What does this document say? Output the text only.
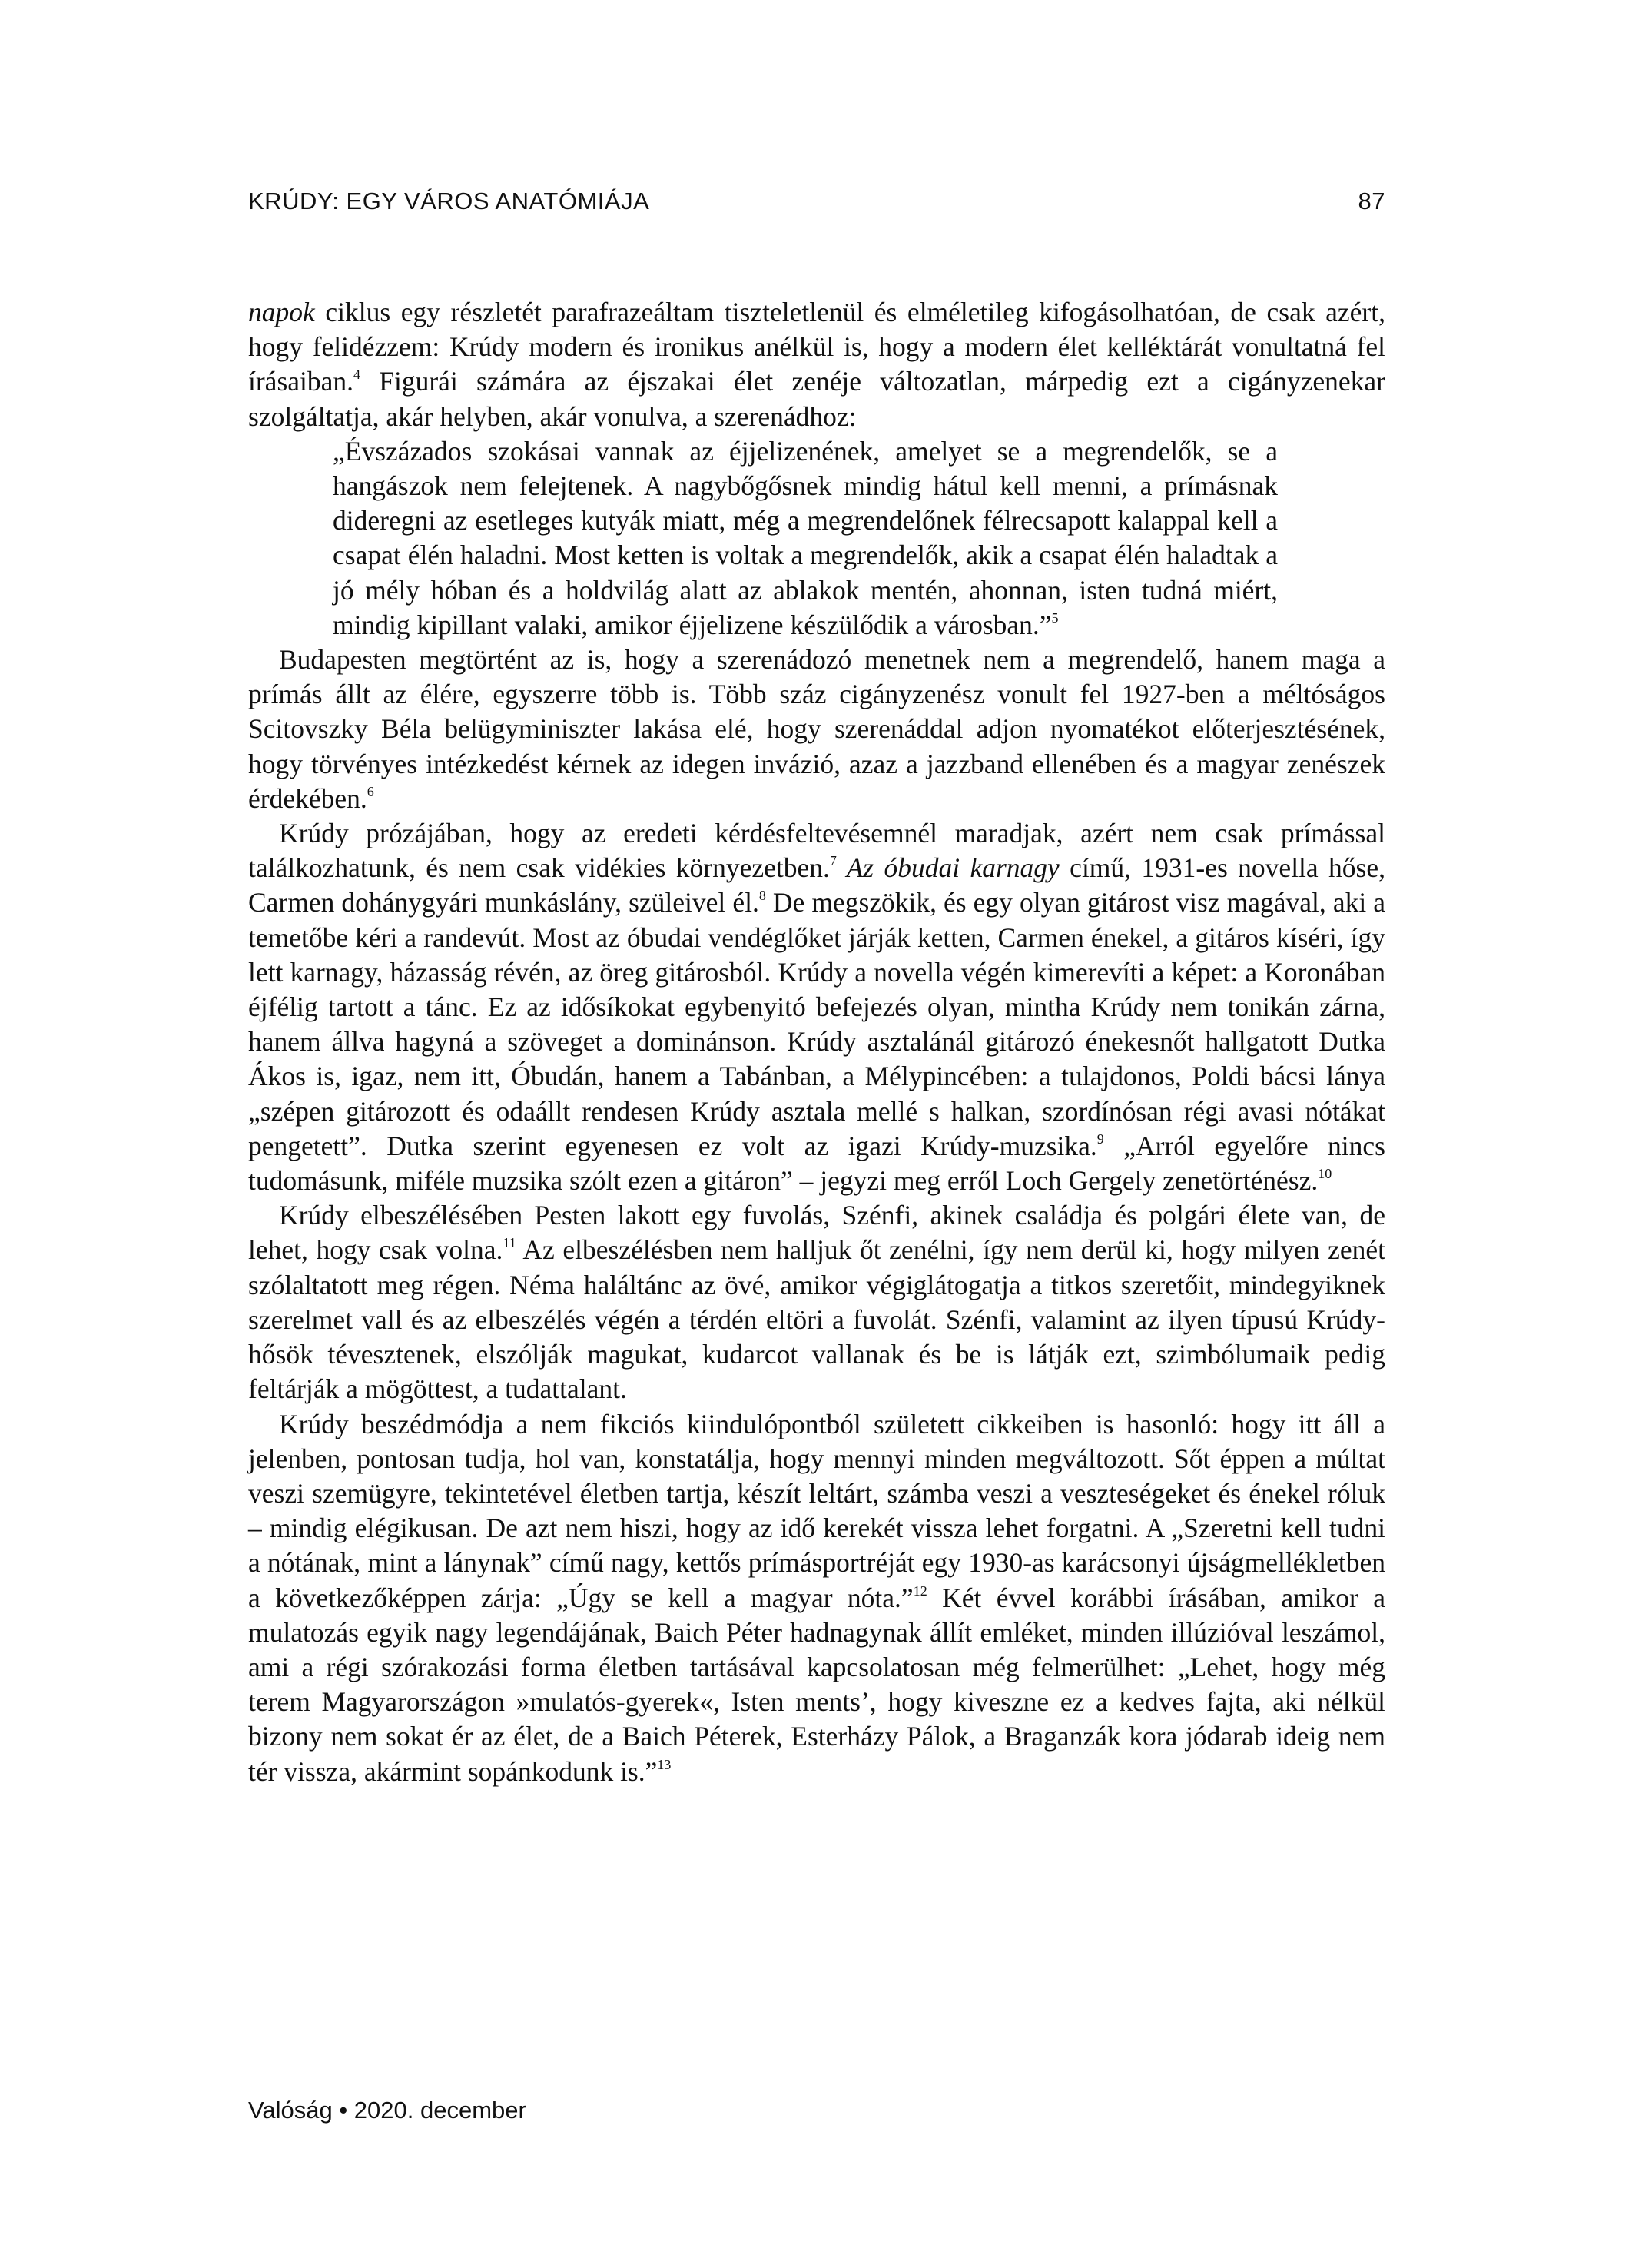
KRÚDY: EGY VÁROS ANATÓMIÁJA	87

napok ciklus egy részletét parafrazeáltam tiszteletlenül és elméletileg kifogásolhatóan, de csak azért, hogy felidézzem: Krúdy modern és ironikus anélkül is, hogy a modern élet kelléktárát vonultatná fel írásaiban.$^4$ Figurái számára az éjszakai élet zenéje változatlan, márpedig ezt a cigányzenekar szolgáltatja, akár helyben, akár vonulva, a szerenádhoz:

„Évszázados szokásai vannak az éjjelizenének, amelyet se a megrendelők, se a hangászok nem felejtenek. A nagybőgősnek mindig hátul kell menni, a prímásnak dideregni az esetleges kutyák miatt, még a megrendelőnek félrecsapott kalappal kell a csapat élén haladni. Most ketten is voltak a megrendelők, akik a csapat élén haladtak a jó mély hóban és a holdvilág alatt az ablakok mentén, ahonnan, isten tudná miért, mindig kipillant valaki, amikor éjjelizene készülődik a városban.”$^5$

Budapesten megtörtént az is, hogy a szerenádozó menetnek nem a megrendelő, hanem maga a prímás állt az élére, egyszerre több is. Több száz cigányzenész vonult fel 1927-ben a méltóságos Scitovszky Béla belügyminiszter lakása elé, hogy szerenáddal adjon nyomatékot előterjesztésének, hogy törvényes intézkedést kérnek az idegen invázió, azaz a jazzband ellenében és a magyar zenészek érdekében.$^6$

Krúdy prózájában, hogy az eredeti kérdésfeltevésemnél maradjak, azért nem csak prímással találkozhatunk, és nem csak vidékies környezetben.$^7$ Az óbudai karnagy című, 1931-es novella hőse, Carmen dohánygyári munkáslány, szüleivel él.$^8$ De megszökik, és egy olyan gitárost visz magával, aki a temetőbe kéri a randevút. Most az óbudai vendéglőket járják ketten, Carmen énekel, a gitáros kíséri, így lett karnagy, házasság révén, az öreg gitárosból. Krúdy a novella végén kimerevíti a képet: a Koronában éjfélig tartott a tánc. Ez az idősíkokat egybenyitó befejezés olyan, mintha Krúdy nem tonikán zárna, hanem állva hagyná a szöveget a dominánson. Krúdy asztalánál gitározó énekesnőt hallgatott Dutka Ákos is, igaz, nem itt, Óbudán, hanem a Tabánban, a Mélypincében: a tulajdonos, Poldi bácsi lánya „szépen gitározott és odaállt rendesen Krúdy asztala mellé s halkan, szordínósan régi avasi nótákat pengetett”. Dutka szerint egyenesen ez volt az igazi Krúdy-muzsika.$^9$ „Arról egyelőre nincs tudomásunk, miféle muzsika szólt ezen a gitáron” – jegyzi meg erről Loch Gergely zenetörténész.$^{10}$

Krúdy elbeszélésében Pesten lakott egy fuvolás, Szénfi, akinek családja és polgári élete van, de lehet, hogy csak volna.$^{11}$ Az elbeszélésben nem halljuk őt zenélni, így nem derül ki, hogy milyen zenét szólaltatott meg régen. Néma haláltánc az övé, amikor végiglátogatja a titkos szeretőit, mindegyiknek szerelmet vall és az elbeszélés végén a térdén eltöri a fuvolát. Szénfi, valamint az ilyen típusú Krúdy-hősök tévesztenek, elszólják magukat, kudarcot vallanak és be is látják ezt, szimbólumaik pedig feltárják a mögöttest, a tudattalant.

Krúdy beszédmódja a nem fikciós kiindulópontból született cikkeiben is hasonló: hogy itt áll a jelenben, pontosan tudja, hol van, konstatálja, hogy mennyi minden megváltozott. Sőt éppen a múltat veszi szemügyre, tekintetével életben tartja, készít leltárt, számba veszi a veszteségeket és énekel róluk – mindig elégikusan. De azt nem hiszi, hogy az idő kerekét vissza lehet forgatni. A „Szeretni kell tudni a nótának, mint a lánynak” című nagy, kettős prímásportréját egy 1930-as karácsonyi újságmellékletben a következőképpen zárja: „Úgy se kell a magyar nóta.”$^{12}$ Két évvel korábbi írásában, amikor a mulatozás egyik nagy legendájának, Baich Péter hadnagynak állít emléket, minden illúzióval leszámol, ami a régi szórakozási forma életben tartásával kapcsolatosan még felmerülhet: „Lehet, hogy még terem Magyarországon »mulatós-gyerek«, Isten ments’, hogy kiveszne ez a kedves fajta, aki nélkül bizony nem sokat ér az élet, de a Baich Péterek, Esterházy Pálok, a Braganzák kora jódarab ideig nem tér vissza, akármint sopánkodunk is.”$^{13}$

Valóság • 2020. december
